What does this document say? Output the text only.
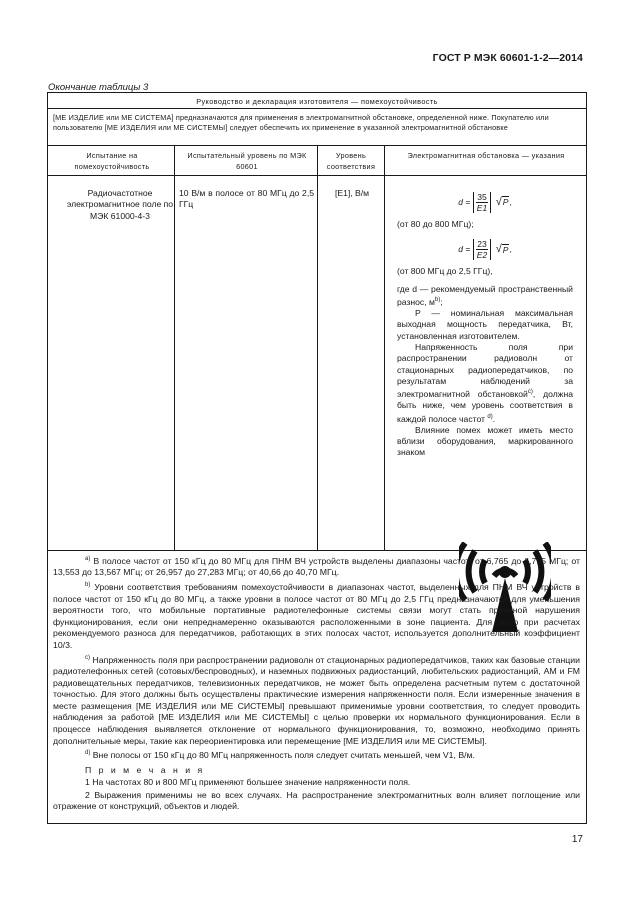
ГОСТ Р МЭК 60601-1-2—2014
Окончание таблицы 3
Руководство и декларация изготовителя — помехоустойчивость
[МЕ ИЗДЕЛИЕ или МЕ СИСТЕМА] предназначаются для применения в электромагнитной обстановке, определенной ниже. Покупателю или пользователю [МЕ ИЗДЕЛИЯ или МЕ СИСТЕМЫ] следует обеспечить их применение в указанной электромагнитной обстановке
Испытание на помехоустойчивость
Испытательный уровень по МЭК 60601
Уровень соответствия
Электромагнитная обстановка — указания
Радиочастотное электромагнитное поле по МЭК 61000-4-3
10 В/м в полосе от 80 МГц до 2,5 ГГц
[E1], В/м
$d = \frac{35}{E1}$ √ P ,

(от 80 до 800 МГц);

$d = \frac{23}{E2}$ √ P ,

(от 800 МГц до 2,5 ГГц),

где d — рекомендуемый пространственный разнос, $м^{b)}$;

P — номинальная максимальная выходная мощность передатчика, Вт, установленная изготовителем.

Напряженность поля при распространении радиоволн от стационарных радиопередатчиков, по результатам наблюдений за электромагнитной обстановкой$^{c)}$, должна быть ниже, чем уровень соответствия в каждой полосе частот $^{d)}$.

Влияние помех может иметь место вблизи оборудования, маркированного знаком

$^{a)}$ В полосе частот от 150 кГц до 80 МГц для ПНМ ВЧ устройств выделены диапазоны частот: от 6,765 до 6,795 МГц; от 13,553 до 13,567 МГц; от 26,957 до 27,283 МГц; от 40,66 до 40,70 МГц.

$^{b)}$ Уровни соответствия требованиям помехоустойчивости в диапазонах частот, выделенных для ПНМ ВЧ устройств в полосе частот от 150 кГц до 80 МГц, а также уровни в полосе частот от 80 МГц до 2,5 ГГц предназначаются для уменьшения вероятности того, что мобильные портативные радиотелефонные системы связи могут стать причиной нарушения функционирования, если они непреднамеренно оказываются расположенными в зоне пациента. Для этого при расчетах рекомендуемого разноса для передатчиков, работающих в этих полосах частот, используется дополнительный коэффициент 10/3.

$^{c)}$ Напряженность поля при распространении радиоволн от стационарных радиопередатчиков, таких как базовые станции радиотелефонных сетей (сотовых/беспроводных), и наземных подвижных радиостанций, любительских радиостанций, АМ и FM радиовещательных передатчиков, телевизионных передатчиков, не может быть определена расчетным путем с достаточной точностью. Для этого должны быть осуществлены практические измерения напряженности поля. Если измеренные значения в месте размещения [МЕ ИЗДЕЛИЯ или МЕ СИСТЕМЫ] превышают применимые уровни соответствия, то следует проводить наблюдения за работой [МЕ ИЗДЕЛИЯ или МЕ СИСТЕМЫ] с целью проверки их нормального функционирования. Если в процессе наблюдения выявляется отклонение от нормального функционирования, то, возможно, необходимо принять дополнительные меры, такие как переориентировка или перемещение [МЕ ИЗДЕЛИЯ или МЕ СИСТЕМЫ].

$^{d)}$ Вне полосы от 150 кГц до 80 МГц напряженность поля следует считать меньшей, чем V1, В/м.

П р и м е ч а н и я

1 На частотах 80 и 800 МГц применяют большее значение напряженности поля.

2 Выражения применимы не во всех случаях. На распространение электромагнитных волн влияет поглощение или отражение от конструкций, объектов и людей.

17
